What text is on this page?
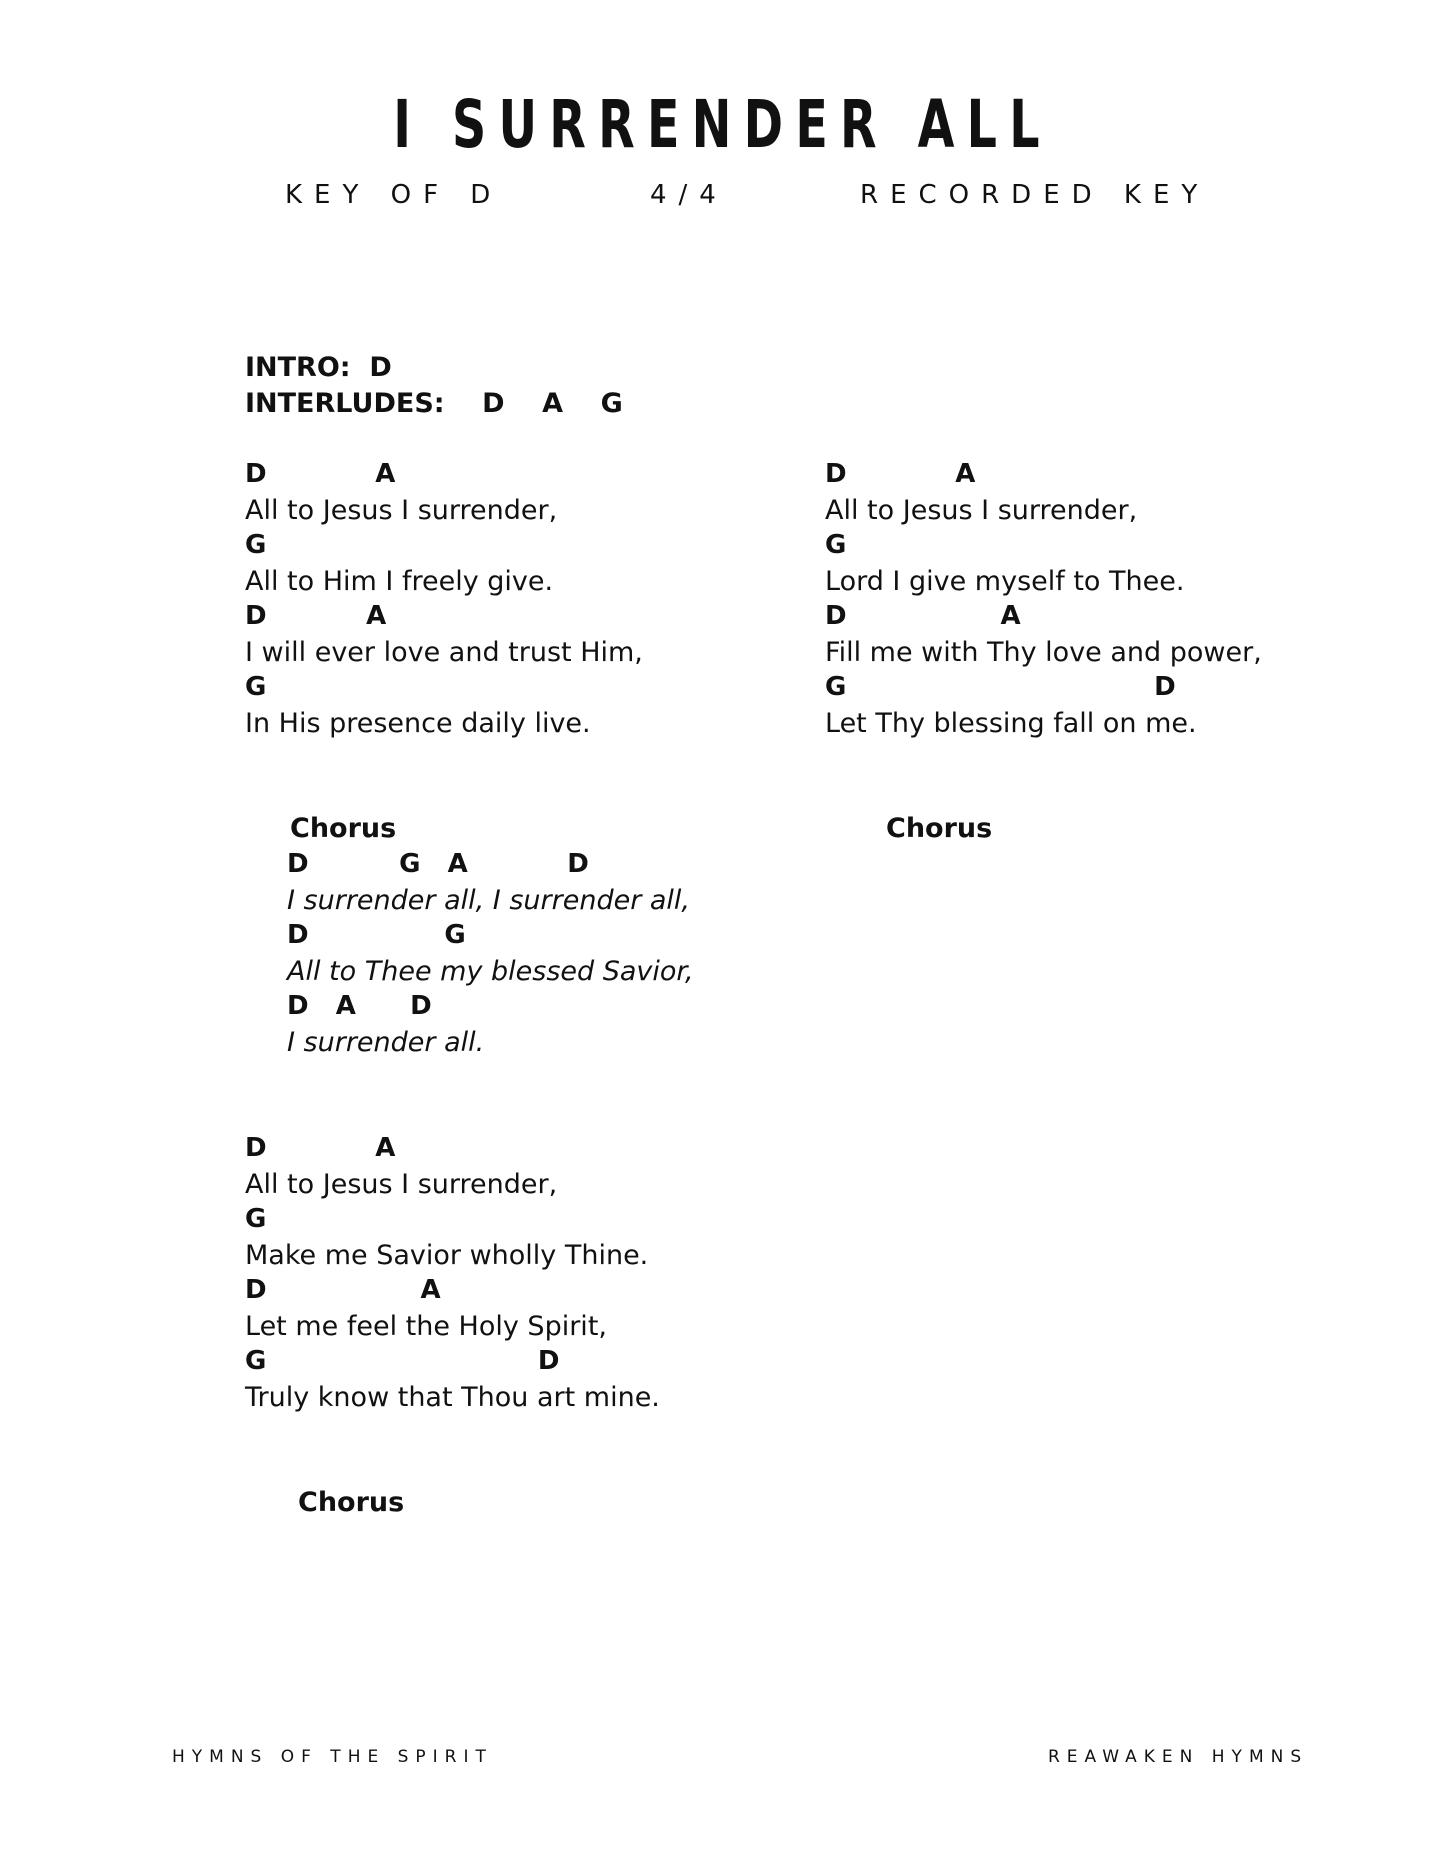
I SURRENDER ALL
KEY OF D	4/4	RECORDED KEY
INTRO:  D
INTERLUDES:    D    A    G
D            A
All to Jesus I surrender,
G
All to Him I freely give.
D           A
I will ever love and trust Him,
G
In His presence daily live.
Chorus
D          G   A           D
I surrender all, I surrender all,
D               G
All to Thee my blessed Savior,
D   A      D
I surrender all.
D            A
All to Jesus I surrender,
G
Make me Savior wholly Thine.
D                 A
Let me feel the Holy Spirit,
G                              D
Truly know that Thou art mine.
Chorus
D            A
All to Jesus I surrender,
G
Lord I give myself to Thee.
D                 A
Fill me with Thy love and power,
G                                  D
Let Thy blessing fall on me.
Chorus
HYMNS OF THE SPIRIT	REAWAKEN HYMNS
